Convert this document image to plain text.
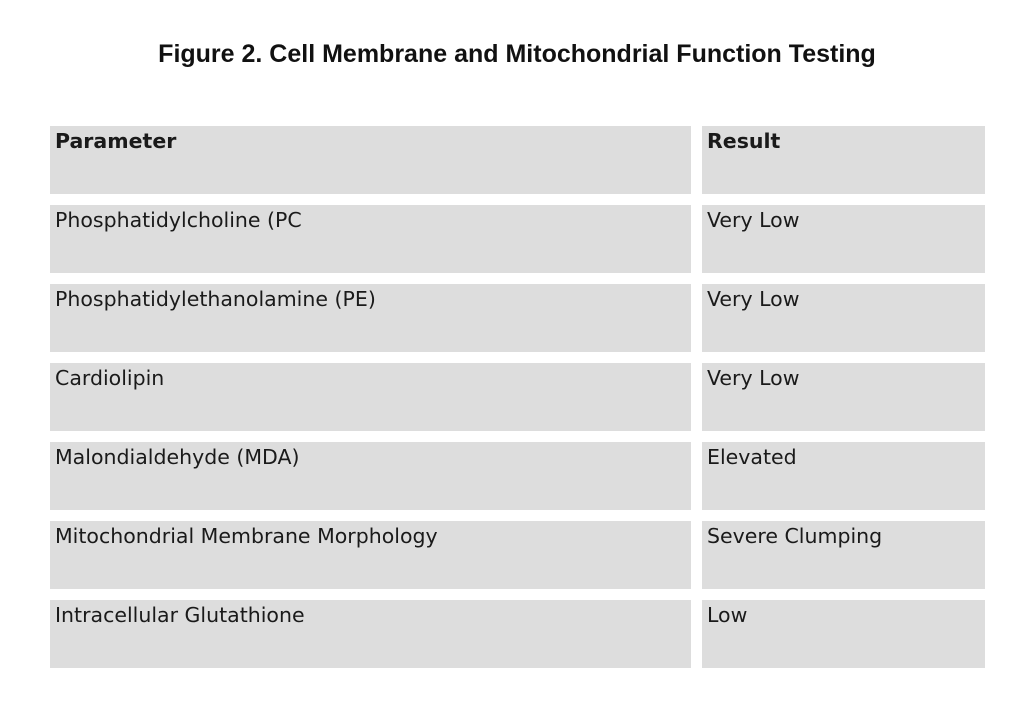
Figure 2. Cell Membrane and Mitochondrial Function Testing
Parameter	Result
Phosphatidylcholine (PC	Very Low
Phosphatidylethanolamine (PE)	Very Low
Cardiolipin	Very Low
Malondialdehyde (MDA)	Elevated
Mitochondrial Membrane Morphology	Severe Clumping
Intracellular Glutathione	Low
